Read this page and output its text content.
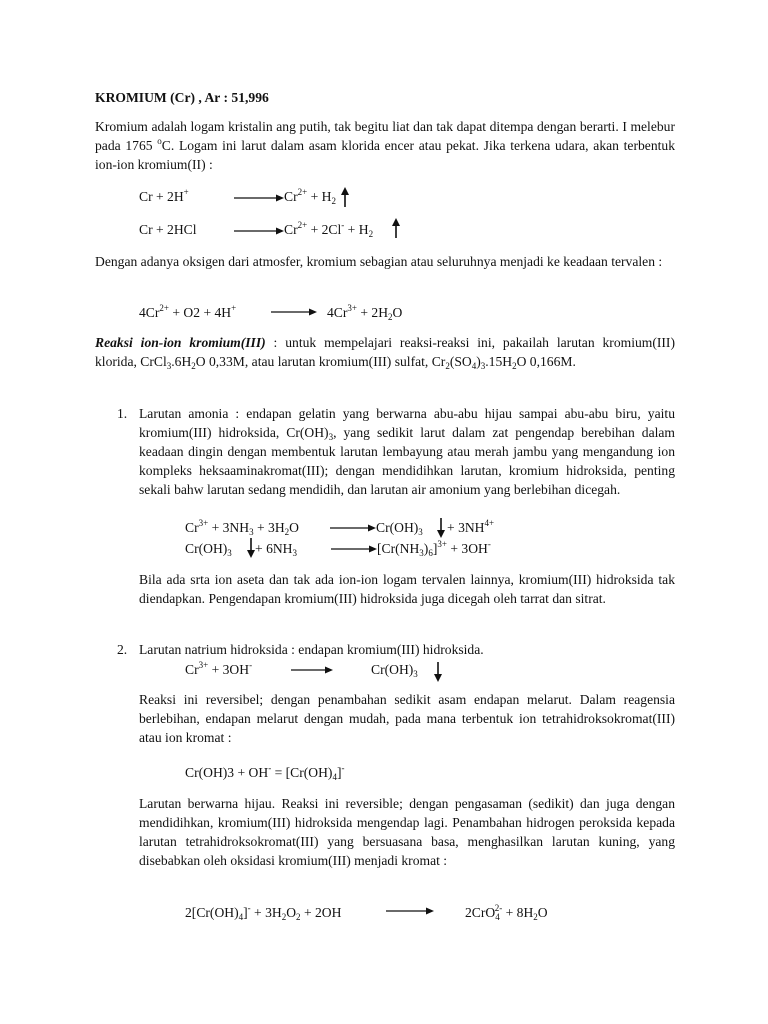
KROMIUM (Cr) , Ar : 51,996

Kromium adalah logam kristalin ang putih, tak begitu liat dan tak dapat ditempa dengan berarti. I melebur pada 1765 $^o$C. Logam ini larut dalam asam klorida encer atau pekat. Jika terkena udara, akan terbentuk ion-ion kromium(II) :

Cr + 2H+	$Cr^{2+} + H_2$
Cr + 2HCl	$Cr^{2+} + 2Cl^- + H_2$

Dengan adanya oksigen dari atmosfer, kromium sebagian atau seluruhnya menjadi ke keadaan tervalen :

$4Cr^{2+} + O2 + 4H^+$	$4Cr^{3+} + 2H_2O$

Reaksi ion-ion kromium(III) : untuk mempelajari reaksi-reaksi ini, pakailah larutan kromium(III) klorida, $CrCl_3.6H_2O$ 0,33M, atau larutan kromium(III) sulfat, $Cr_2(SO_4)_3.15H_2O$ 0,166M.

1. Larutan amonia : endapan gelatin yang berwarna abu-abu hijau sampai abu-abu biru, yaitu kromium(III) hidroksida, $Cr(OH)_3$, yang sedikit larut dalam zat pengendap berebihan dalam keadaan dingin dengan membentuk larutan lembayung atau merah jambu yang mengandung ion kompleks heksaaminakromat(III); dengan mendidihkan larutan, kromium hidroksida, penting sekali bahw larutan sedang mendidih, dan larutan air amonium yang berlebihan dicegah.

$Cr^{3+} + 3NH_3 + 3H_2O$	$Cr(OH)_3 + 3NH^{4+}$
$Cr(OH)_3 + 6NH_3$	$[Cr(NH_3)_6]^{3+} + 3OH^-$

Bila ada srta ion aseta dan tak ada ion-ion logam tervalen lainnya, kromium(III) hidroksida tak diendapkan. Pengendapan kromium(III) hidroksida juga dicegah oleh tarrat dan sitrat.

2. Larutan natrium hidroksida : endapan kromium(III) hidroksida.
$Cr^{3+} + 3OH^-$	$Cr(OH)_3$

Reaksi ini reversibel; dengan penambahan sedikit asam endapan melarut. Dalam reagensia berlebihan, endapan melarut dengan mudah, pada mana terbentuk ion tetrahidroksokromat(III) atau ion kromat :

$Cr(OH)3 + OH^- = [Cr(OH)_4]^-$

Larutan berwarna hijau. Reaksi ini reversible; dengan pengasaman (sedikit) dan juga dengan mendidihkan, kromium(III) hidroksida mengendap lagi. Penambahan hidrogen peroksida kepada larutan tetrahidroksokromat(III) yang bersuasana basa, menghasilkan larutan kuning, yang disebabkan oleh oksidasi kromium(III) menjadi kromat :

$2[Cr(OH)_4]^- + 3H_2O_2 + 2OH$	$2CrO_4^{2-} + 8H_2O$
